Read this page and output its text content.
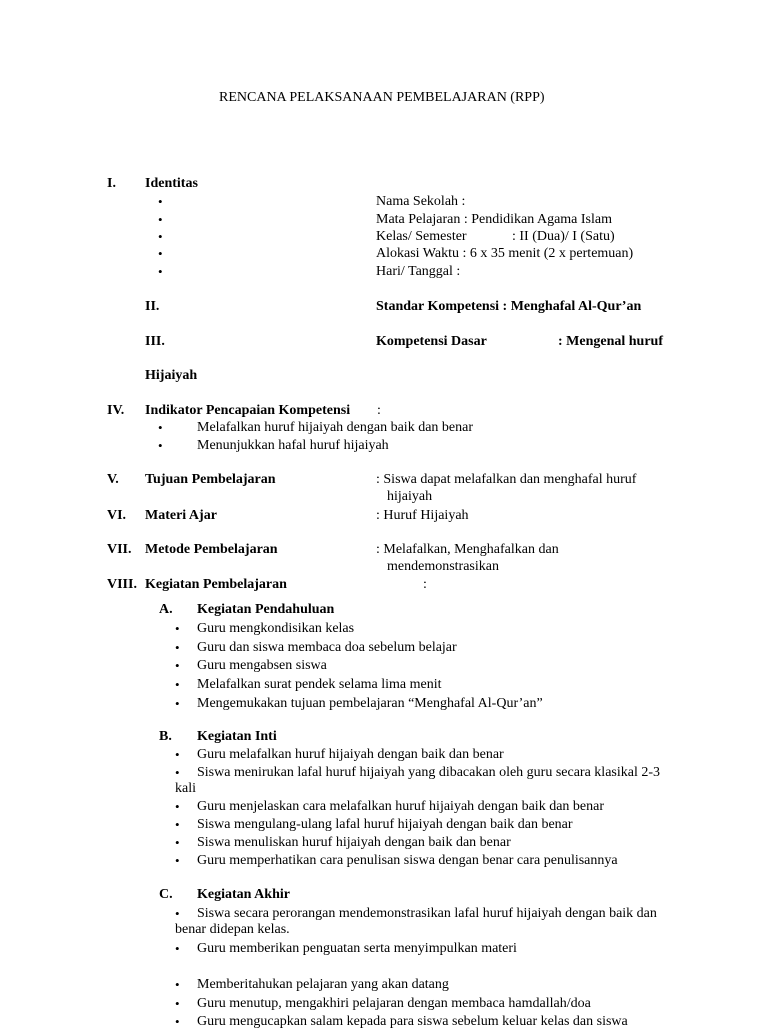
RENCANA PELAKSANAAN PEMBELAJARAN (RPP)
I. Identitas
•	Nama Sekolah :
•	Mata Pelajaran : Pendidikan Agama Islam
•	Kelas/ Semester	: II (Dua)/ I (Satu)
•	Alokasi Waktu : 6 x 35 menit (2 x pertemuan)
•	Hari/ Tanggal :
II.	Standar Kompetensi : Menghafal Al-Qur’an
III.	Kompetensi Dasar	: Mengenal huruf
Hijaiyah
IV. Indikator Pencapaian Kompetensi :
• Melafalkan huruf hijaiyah dengan baik dan benar
• Menunjukkan hafal huruf hijaiyah
V. Tujuan Pembelajaran	: Siswa dapat melafalkan dan menghafal huruf
hijaiyah
VI. Materi Ajar	: Huruf Hijaiyah
VII. Metode Pembelajaran	: Melafalkan, Menghafalkan dan
mendemonstrasikan
VIII. Kegiatan Pembelajaran	:
A. Kegiatan Pendahuluan
• Guru mengkondisikan kelas
• Guru dan siswa membaca doa sebelum belajar
• Guru mengabsen siswa
• Melafalkan surat pendek selama lima menit
• Mengemukakan tujuan pembelajaran “Menghafal Al-Qur’an”
B. Kegiatan Inti
• Guru melafalkan huruf hijaiyah dengan baik dan benar
• Siswa menirukan lafal huruf hijaiyah yang dibacakan oleh guru secara klasikal 2-3
kali
• Guru menjelaskan cara melafalkan huruf hijaiyah dengan baik dan benar
• Siswa mengulang-ulang lafal huruf hijaiyah dengan baik dan benar
• Siswa menuliskan huruf hijaiyah dengan baik dan benar
• Guru memperhatikan cara penulisan siswa dengan benar cara penulisannya
C. Kegiatan Akhir
• Siswa secara perorangan mendemonstrasikan lafal huruf hijaiyah dengan baik dan
benar didepan kelas.
• Guru memberikan penguatan serta menyimpulkan materi
• Memberitahukan pelajaran yang akan datang
• Guru menutup, mengakhiri pelajaran dengan membaca hamdallah/doa
• Guru mengucapkan salam kepada para siswa sebelum keluar kelas dan siswa
